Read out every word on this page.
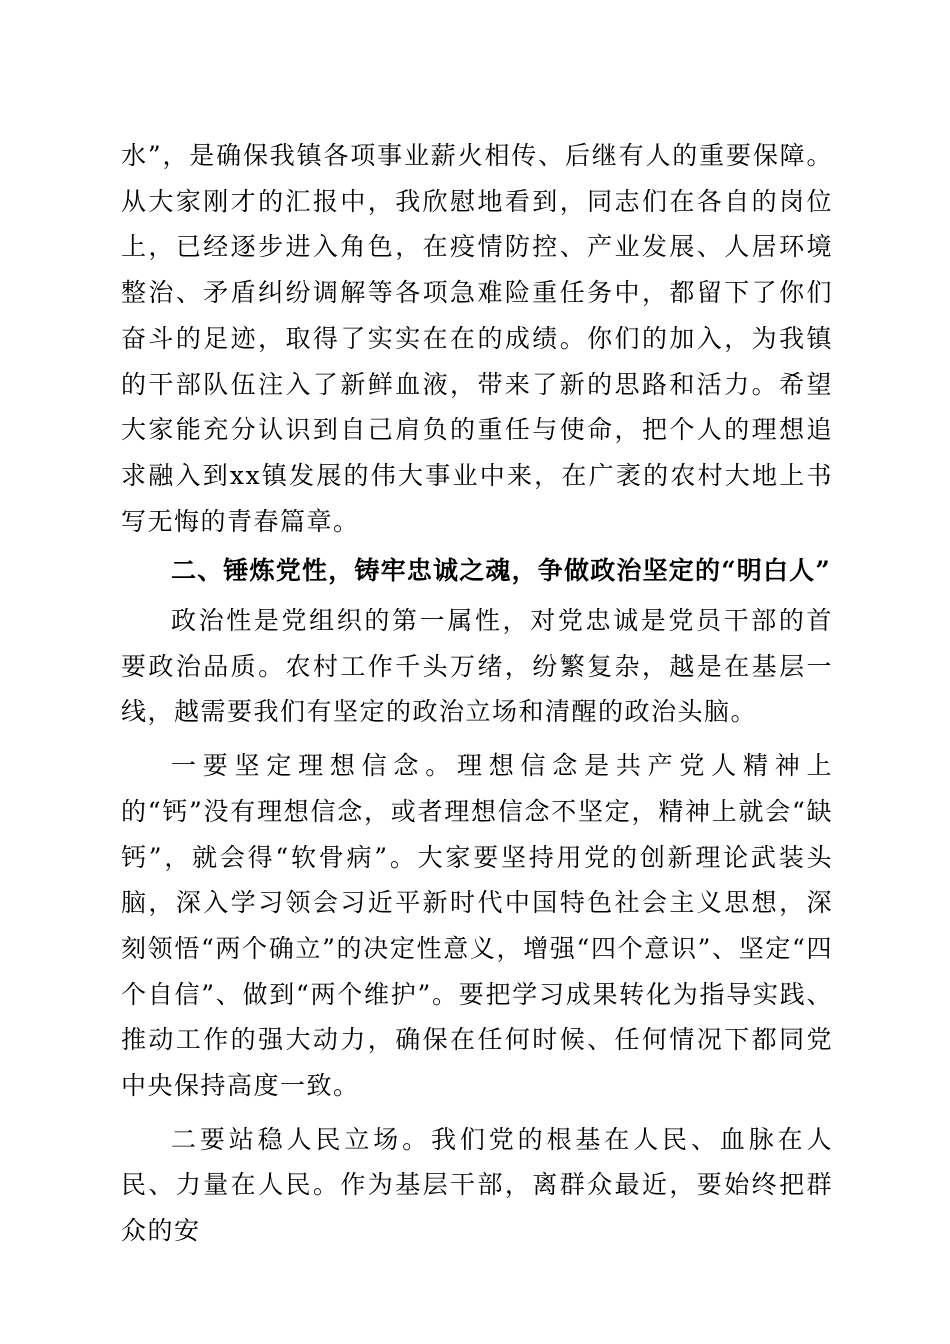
水”，是确保我镇各项事业薪火相传、后继有人的重要保障。从大家刚才的汇报中，我欣慰地看到，同志们在各自的岗位上，已经逐步进入角色，在疫情防控、产业发展、人居环境整治、矛盾纠纷调解等各项急难险重任务中，都留下了你们奋斗的足迹，取得了实实在在的成绩。你们的加入，为我镇的干部队伍注入了新鲜血液，带来了新的思路和活力。希望大家能充分认识到自己肩负的重任与使命，把个人的理想追求融入到xx镇发展的伟大事业中来，在广袤的农村大地上书写无悔的青春篇章。

二、锤炼党性，铸牢忠诚之魂，争做政治坚定的“明白人”

政治性是党组织的第一属性，对党忠诚是党员干部的首要政治品质。农村工作千头万绪，纷繁复杂，越是在基层一线，越需要我们有坚定的政治立场和清醒的政治头脑。

一要坚定理想信念。理想信念是共产党人精神上的“钙”没有理想信念，或者理想信念不坚定，精神上就会“缺钙”，就会得“软骨病”。大家要坚持用党的创新理论武装头脑，深入学习领会习近平新时代中国特色社会主义思想，深刻领悟“两个确立”的决定性意义，增强“四个意识”、坚定“四个自信”、做到“两个维护”。要把学习成果转化为指导实践、推动工作的强大动力，确保在任何时候、任何情况下都同党中央保持高度一致。

二要站稳人民立场。我们党的根基在人民、血脉在人民、力量在人民。作为基层干部，离群众最近，要始终把群众的安
